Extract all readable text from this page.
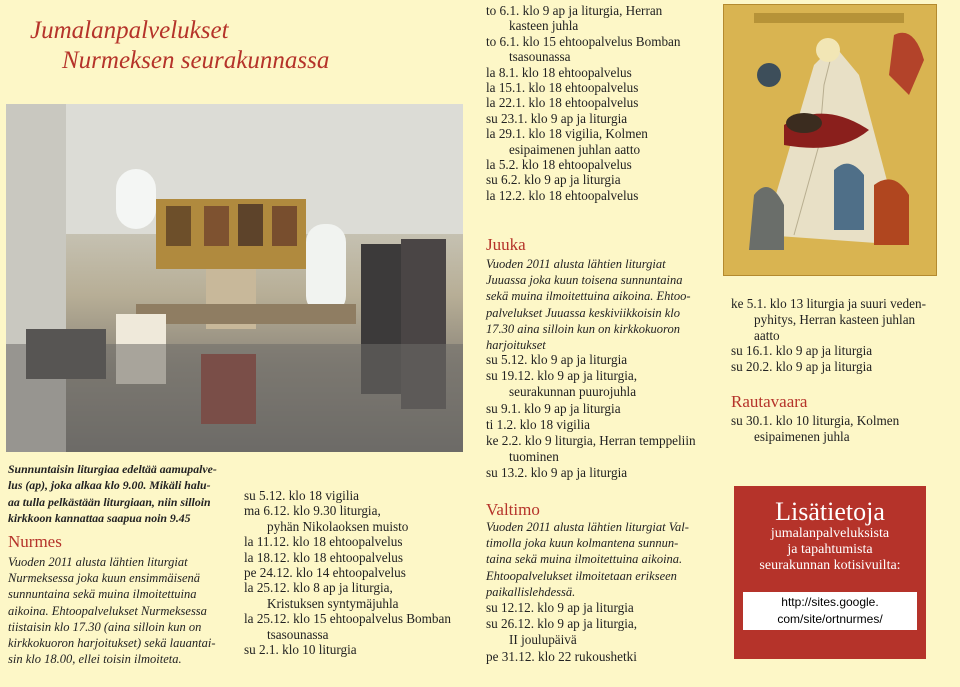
Jumalanpalvelukset
Nurmeksen seurakunnassa
Sunnuntaisin liturgiaa edeltää aamupalve-
lus (ap), joka alkaa klo 9.00. Mikäli halu-
aa tulla pelkästään liturgiaan, niin silloin
kirkkoon kannattaa saapua noin 9.45
Nurmes
Vuoden 2011 alusta lähtien liturgiat
Nurmeksessa joka kuun ensimmäisenä
sunnuntaina sekä muina ilmoitettuina
aikoina. Ehtoopalvelukset Nurmeksessa
tiistaisin klo 17.30 (aina silloin kun on
kirkkokuoron harjoitukset) sekä lauantai-
sin klo 18.00, ellei toisin ilmoiteta.
su 5.12. klo 18 vigilia
ma 6.12. klo 9.30 liturgia,
pyhän Nikolaoksen muisto
la 11.12. klo 18 ehtoopalvelus
la 18.12. klo 18 ehtoopalvelus
pe 24.12. klo 14 ehtoopalvelus
la 25.12. klo 8 ap ja liturgia,
Kristuksen syntymäjuhla
la 25.12. klo 15 ehtoopalvelus Bomban
tsasounassa
su 2.1. klo 10 liturgia
to 6.1. klo 9 ap ja liturgia, Herran
kasteen juhla
to 6.1. klo 15 ehtoopalvelus Bomban
tsasounassa
la 8.1. klo 18 ehtoopalvelus
la 15.1. klo 18 ehtoopalvelus
la 22.1. klo 18 ehtoopalvelus
su 23.1. klo 9 ap ja liturgia
la 29.1. klo 18 vigilia, Kolmen
esipaimenen juhlan aatto
la 5.2. klo 18 ehtoopalvelus
su 6.2. klo 9 ap ja liturgia
la 12.2. klo 18 ehtoopalvelus
Juuka
Vuoden 2011 alusta lähtien liturgiat
Juuassa joka kuun toisena sunnuntaina
sekä muina ilmoitettuina aikoina. Ehtoo-
palvelukset Juuassa keskiviikkoisin klo
17.30 aina silloin kun on kirkkokuoron
harjoitukset
su 5.12. klo 9 ap ja liturgia
su 19.12. klo 9 ap ja liturgia,
seurakunnan puurojuhla
su 9.1. klo 9 ap ja liturgia
ti 1.2. klo 18 vigilia
ke 2.2. klo 9 liturgia, Herran temppeliin
tuominen
su 13.2. klo 9 ap ja liturgia
Valtimo
Vuoden 2011 alusta lähtien liturgiat Val-
timolla joka kuun kolmantena sunnun-
taina sekä muina ilmoitettuina aikoina.
Ehtoopalvelukset ilmoitetaan erikseen
paikallislehdessä.
su 12.12. klo 9 ap ja liturgia
su 26.12. klo 9 ap ja liturgia,
II joulupäivä
pe 31.12. klo 22 rukoushetki
ke 5.1. klo 13 liturgia ja suuri veden-
pyhitys, Herran kasteen juhlan
aatto
su 16.1. klo 9 ap ja liturgia
su 20.2. klo 9 ap ja liturgia
Rautavaara
su 30.1. klo 10 liturgia, Kolmen
esipaimenen juhla
Lisätietoja
jumalanpalveluksista
ja tapahtumista
seurakunnan kotisivuilta:
http://sites.google.
com/site/ortnurmes/
